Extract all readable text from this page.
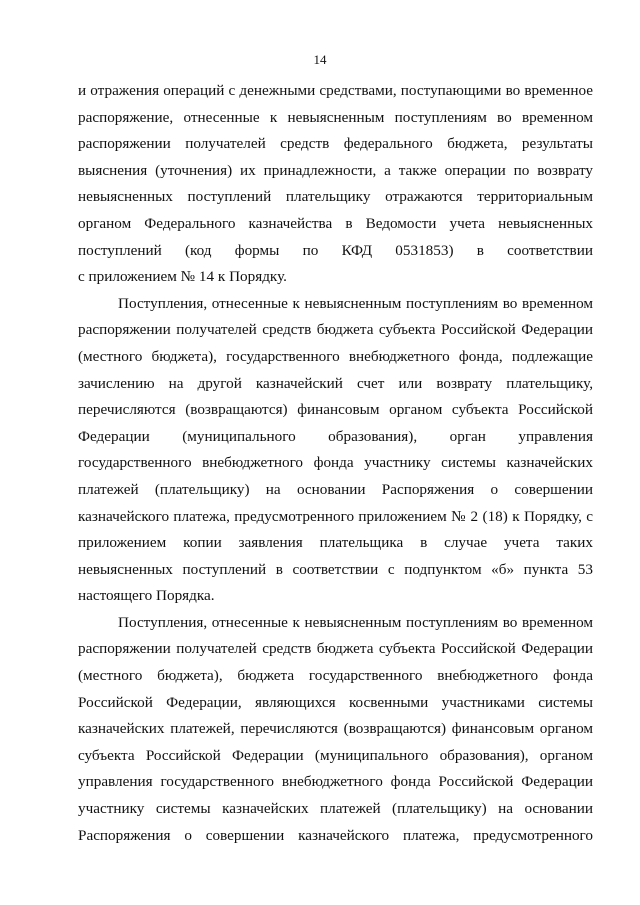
14
и отражения операций с денежными средствами, поступающими во временное
распоряжение, отнесенные к невыясненным поступлениям во временном
распоряжении получателей средств федерального бюджета, результаты
выяснения (уточнения) их принадлежности, а также операции по возврату
невыясненных поступлений плательщику отражаются территориальным
органом Федерального казначейства в Ведомости учета невыясненных
поступлений (код формы по КФД 0531853) в соответствии
с приложением № 14 к Порядку.
Поступления, отнесенные к невыясненным поступлениям во временном
распоряжении получателей средств бюджета субъекта Российской Федерации
(местного бюджета), государственного внебюджетного фонда, подлежащие
зачислению на другой казначейский счет или возврату плательщику,
перечисляются (возвращаются) финансовым органом субъекта Российской
Федерации (муниципального образования), орган управления
государственного внебюджетного фонда участнику системы казначейских
платежей (плательщику) на основании Распоряжения о совершении
казначейского платежа, предусмотренного приложением № 2 (18) к Порядку, с
приложением копии заявления плательщика в случае учета таких
невыясненных поступлений в соответствии с подпунктом «б» пункта 53
настоящего Порядка.
Поступления, отнесенные к невыясненным поступлениям во временном
распоряжении получателей средств бюджета субъекта Российской Федерации
(местного бюджета), бюджета государственного внебюджетного фонда
Российской Федерации, являющихся косвенными участниками системы
казначейских платежей, перечисляются (возвращаются) финансовым органом
субъекта Российской Федерации (муниципального образования), органом
управления государственного внебюджетного фонда Российской Федерации
участнику системы казначейских платежей (плательщику) на основании
Распоряжения о совершении казначейского платежа, предусмотренного
